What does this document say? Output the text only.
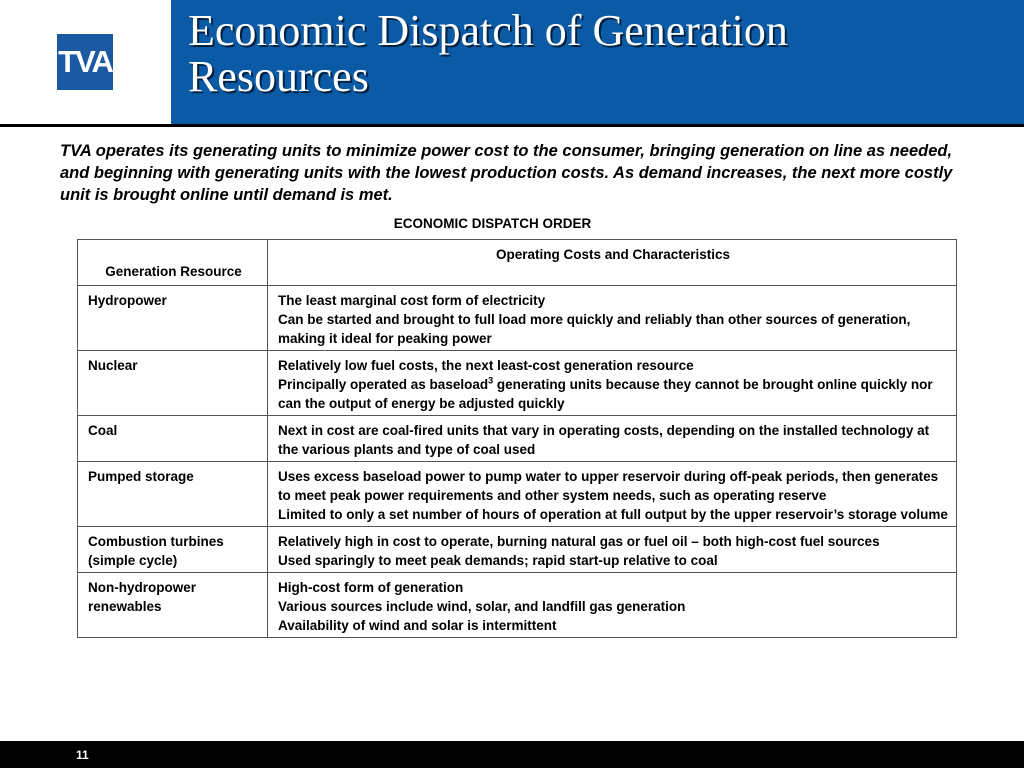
TVA
Economic Dispatch of Generation
Resources

TVA operates its generating units to minimize power cost to the consumer, bringing generation on line as needed, and beginning with generating units with the lowest production costs. As demand increases, the next more costly unit is brought online until demand is met.

ECONOMIC DISPATCH ORDER
Generation Resource	Operating Costs and Characteristics
Hydropower	The least marginal cost form of electricity
Can be started and brought to full load more quickly and reliably than other sources of generation, making it ideal for peaking power

Nuclear	Relatively low fuel costs, the next least-cost generation resource
Principally operated as baseload$^3$ generating units because they cannot be brought online quickly nor can the output of energy be adjusted quickly

Coal	Next in cost are coal-fired units that vary in operating costs, depending on the installed technology at the various plants and type of coal used

Pumped storage	Uses excess baseload power to pump water to upper reservoir during off-peak periods, then generates to meet peak power requirements and other system needs, such as operating reserve
Limited to only a set number of hours of operation at full output by the upper reservoir’s storage volume

Combustion turbines (simple cycle)	Relatively high in cost to operate, burning natural gas or fuel oil – both high-cost fuel sources
Used sparingly to meet peak demands; rapid start-up relative to coal

Non-hydropower renewables	High-cost form of generation
Various sources include wind, solar, and landfill gas generation
Availability of wind and solar is intermittent
11
